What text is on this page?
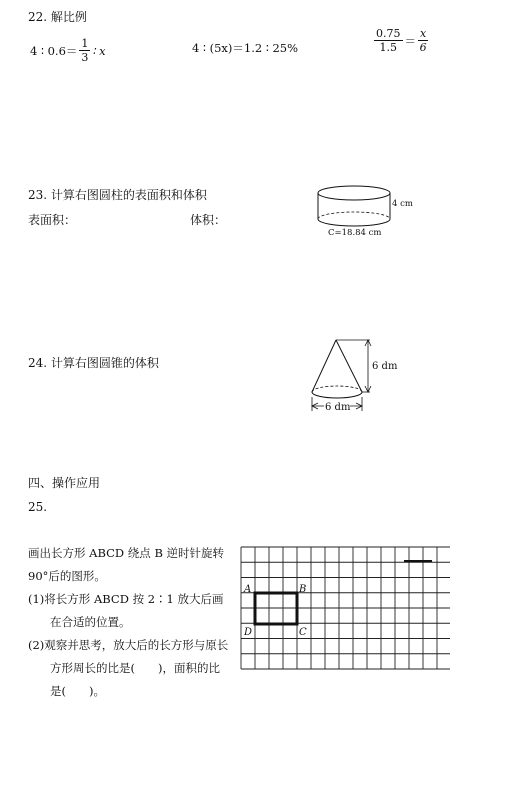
22. 解比例
4 ∶ $0.6= \frac{1}{3}$ ∶ x	4 ∶ (5x)＝1.2 ∶ 25%	$\frac{0.75}{1.5} = \frac{x}{6}$
23. 计算右图圆柱的表面积和体积
表面积：	体积：
4 cm
C=18.84 cm
24. 计算右图圆锥的体积	6 dm
6 dm
四、操作应用
25.
画出长方形 ABCD 绕点 B 逆时针旋转
90°后的图形。
(1)将长方形 ABCD 按 2∶1 放大后画
在合适的位置。
(2)观察并思考，放大后的长方形与原长
方形周长的比是(　　)，面积的比
是(　　)。
A	B
C
D
